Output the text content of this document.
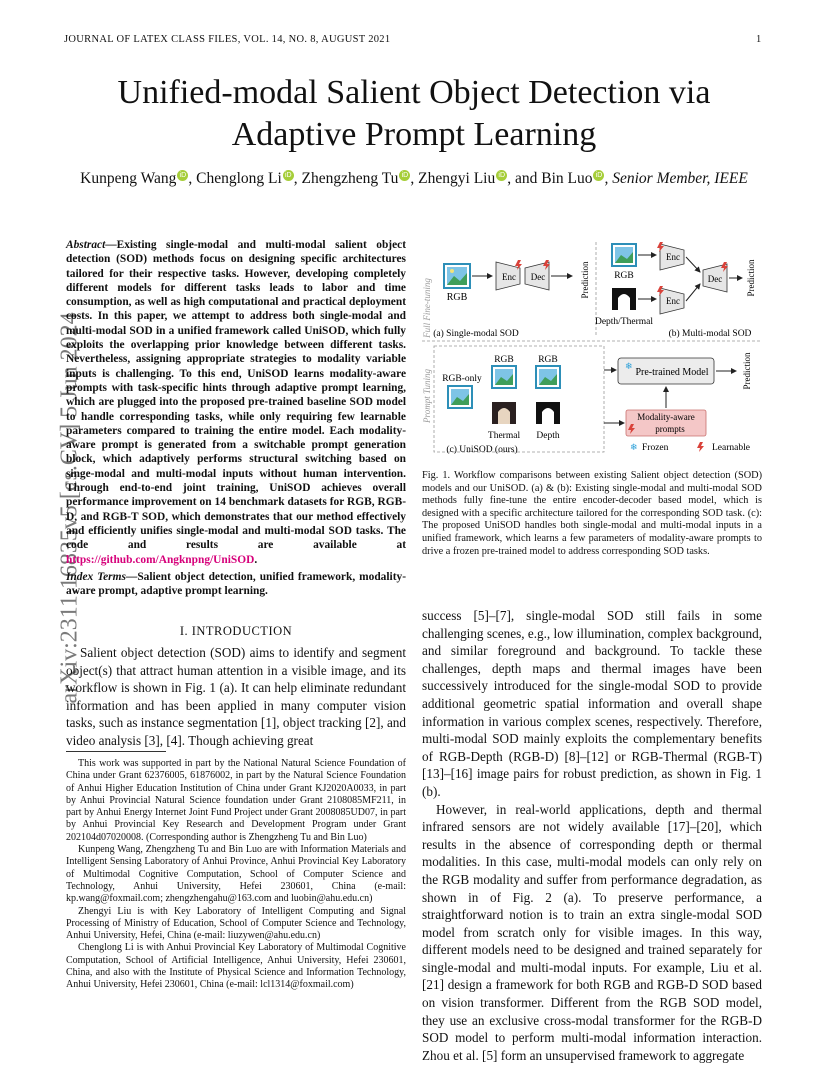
JOURNAL OF LATEX CLASS FILES, VOL. 14, NO. 8, AUGUST 2021	1
arXiv:2311.16835v5 [cs.CV] 5 Jun 2024
Unified-modal Salient Object Detection via Adaptive Prompt Learning
Kunpeng Wang iD , Chenglong Li iD , Zhengzheng Tu iD , Zhengyi Liu iD , and Bin Luo iD , Senior Member, IEEE
Abstract—Existing single-modal and multi-modal salient object detection (SOD) methods focus on designing specific architectures tailored for their respective tasks. However, developing completely different models for different tasks leads to labor and time consumption, as well as high computational and practical deployment costs. In this paper, we attempt to address both single-modal and multi-modal SOD in a unified framework called UniSOD, which fully exploits the overlapping prior knowledge between different tasks. Nevertheless, assigning appropriate strategies to modality variable inputs is challenging. To this end, UniSOD learns modality-aware prompts with task-specific hints through adaptive prompt learning, which are plugged into the proposed pre-trained baseline SOD model to handle corresponding tasks, while only requiring few learnable parameters compared to training the entire model. Each modality-aware prompt is generated from a switchable prompt generation block, which adaptively performs structural switching based on singe-modal and multi-modal inputs without human intervention. Through end-to-end joint training, UniSOD achieves overall performance improvement on 14 benchmark datasets for RGB, RGB-D, and RGB-T SOD, which demonstrates that our method effectively and efficiently unifies single-modal and multi-modal SOD tasks. The code and results are available at https://github.com/Angknpng/UniSOD.
Index Terms—Salient object detection, unified framework, modality-aware prompt, adaptive prompt learning.
I. INTRODUCTION
Salient object detection (SOD) aims to identify and segment object(s) that attract human attention in a visible image, and its workflow is shown in Fig. 1 (a). It can help eliminate redundant information and has been applied in many computer vision tasks, such as instance segmentation [1], object tracking [2], and video analysis [3], [4]. Though achieving great

This work was supported in part by the National Natural Science Foundation of China under Grant 62376005, 61876002, in part by the Natural Science Foundation of Anhui Higher Education Institution of China under Grant KJ2020A0033, in part by Anhui Provincial Natural Science foundation under Grant 2108085MF211, in part by Anhui Energy Internet Joint Fund Project under Grant 2008085UD07, in part by Anhui Provincial Key Research and Development Program under Grant 202104d07020008. (Corresponding author is Zhengzheng Tu and Bin Luo)

Kunpeng Wang, Zhengzheng Tu and Bin Luo are with Information Materials and Intelligent Sensing Laboratory of Anhui Province, Anhui Provincial Key Laboratory of Multimodal Cognitive Computation, School of Computer Science and Technology, Anhui University, Hefei 230601, China (e-mail: kp.wang@foxmail.com; zhengzhengahu@163.com and luobin@ahu.edu.cn)

Zhengyi Liu is with Key Laboratory of Intelligent Computing and Signal Processing of Ministry of Education, School of Computer Science and Technology, Anhui University, Hefei, China (e-mail: liuzywen@ahu.edu.cn)

Chenglong Li is with Anhui Provincial Key Laboratory of Multimodal Cognitive Computation, School of Artificial Intelligence, Anhui University, Hefei 230601, China, and also with the Institute of Physical Science and Information Technology, Anhui University, Hefei 230601, China (e-mail: lcl1314@foxmail.com)

Full Fine-tuning RGB
Enc Dec	Prediction
(a) Single-modal SOD
RGB
Depth/Thermal
Enc
Enc
Dec	Prediction
(b) Multi-modal SOD
Prompt Tuning RGB-only
RGB
Thermal
RGB
Depth
(c) UniSOD (ours)
Pre-trained Model
❄	Prediction
Modality-aware
prompts
❄ Frozen	Learnable
Fig. 1. Workflow comparisons between existing Salient object detection (SOD) models and our UniSOD. (a) & (b): Existing single-modal and multi-modal SOD methods fully fine-tune the entire encoder-decoder based model, which is designed with a specific architecture tailored for the corresponding SOD task. (c): The proposed UniSOD handles both single-modal and multi-modal inputs in a unified framework, which learns a few parameters of modality-aware prompts to drive a frozen pre-trained model to address corresponding SOD tasks.

success [5]–[7], single-modal SOD still fails in some challenging scenes, e.g., low illumination, complex background, and similar foreground and background. To tackle these challenges, depth maps and thermal images have been successively introduced for the single-modal SOD to provide additional geometric spatial information and overall shape information in various complex scenes, respectively. Therefore, multi-modal SOD mainly exploits the complementary benefits of RGB-Depth (RGB-D) [8]–[12] or RGB-Thermal (RGB-T) [13]–[16] image pairs for robust prediction, as shown in Fig. 1 (b).

However, in real-world applications, depth and thermal infrared sensors are not widely available [17]–[20], which results in the absence of corresponding depth or thermal modalities. In this case, multi-modal models can only rely on the RGB modality and suffer from performance degradation, as shown in of Fig. 2 (a). To preserve performance, a straightforward notion is to train an extra single-modal SOD model from scratch only for visible images. In this way, different models need to be designed and trained separately for single-modal and multi-modal inputs. For example, Liu et al. [21] design a framework for both RGB and RGB-D SOD based on vision transformer. Different from the RGB SOD model, they use an exclusive cross-modal transformer for the RGB-D SOD model to perform multi-modal information interaction. Zhou et al. [5] form an unsupervised framework to aggregate
